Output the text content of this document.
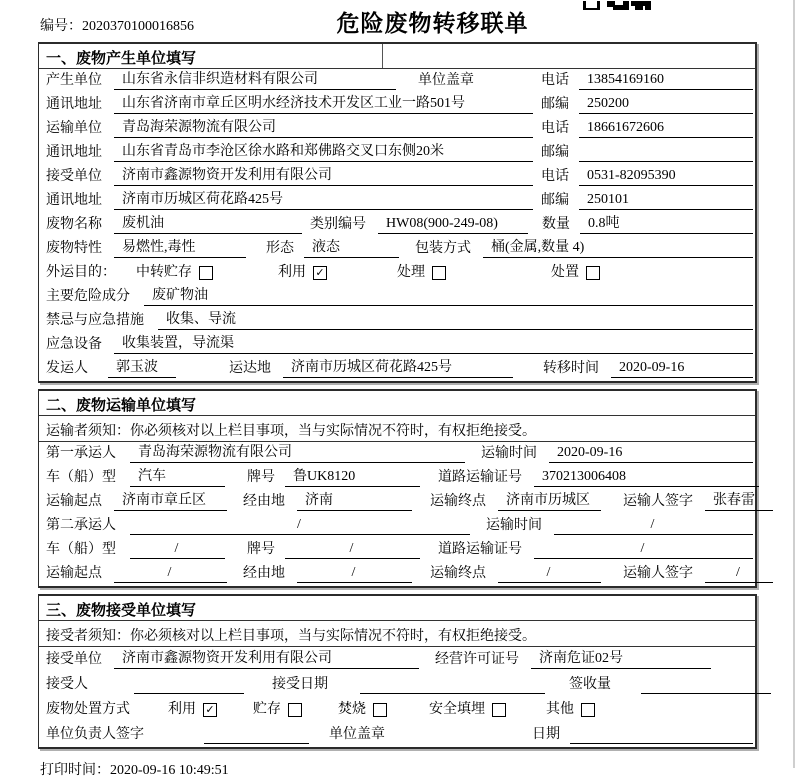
编号：2020370100016856	危险废物转移联单
一、废物产生单位填写
产生单位	山东省永信非织造材料有限公司	单位盖章	电话	13854169160
通讯地址	山东省济南市章丘区明水经济技术开发区工业一路501号	邮编	250200
运输单位	青岛海荣源物流有限公司	电话	18661672606
通讯地址	山东省青岛市李沧区徐水路和郑佛路交叉口东侧20米	邮编
接受单位	济南市鑫源物资开发利用有限公司	电话	0531-82095390
通讯地址	济南市历城区荷花路425号	邮编	250101
废物名称	废机油	类别编号	HW08(900-249-08)	数量	0.8吨
废物特性	易燃性,毒性	形态	液态	包装方式	桶(金属,数量 4)
外运目的： 中转贮存	利用 ✓	处理	处置
主要危险成分	废矿物油
禁忌与应急措施	收集、导流
应急设备	收集装置，导流渠
发运人	郭玉波	运达地	济南市历城区荷花路425号	转移时间	2020-09-16
二、废物运输单位填写
运输者须知：你必须核对以上栏目事项，当与实际情况不符时，有权拒绝接受。
第一承运人	青岛海荣源物流有限公司	运输时间	2020-09-16
车（船）型	汽车	牌号	鲁UK8120	道路运输证号	370213006408
运输起点	济南市章丘区	经由地	济南	运输终点	济南市历城区	运输人签字	张春雷
第二承运人	/	运输时间	/
车（船）型	/	牌号	/	道路运输证号	/
运输起点	/	经由地	/	运输终点	/	运输人签字	/
三、废物接受单位填写
接受者须知：你必须核对以上栏目事项，当与实际情况不符时，有权拒绝接受。
接受单位	济南市鑫源物资开发利用有限公司	经营许可证号	济南危证02号
接受人	接受日期	签收量
废物处置方式	利用 ✓	贮存	焚烧	安全填埋	其他
单位负责人签字	单位盖章	日期
打印时间：2020-09-16 10:49:51
